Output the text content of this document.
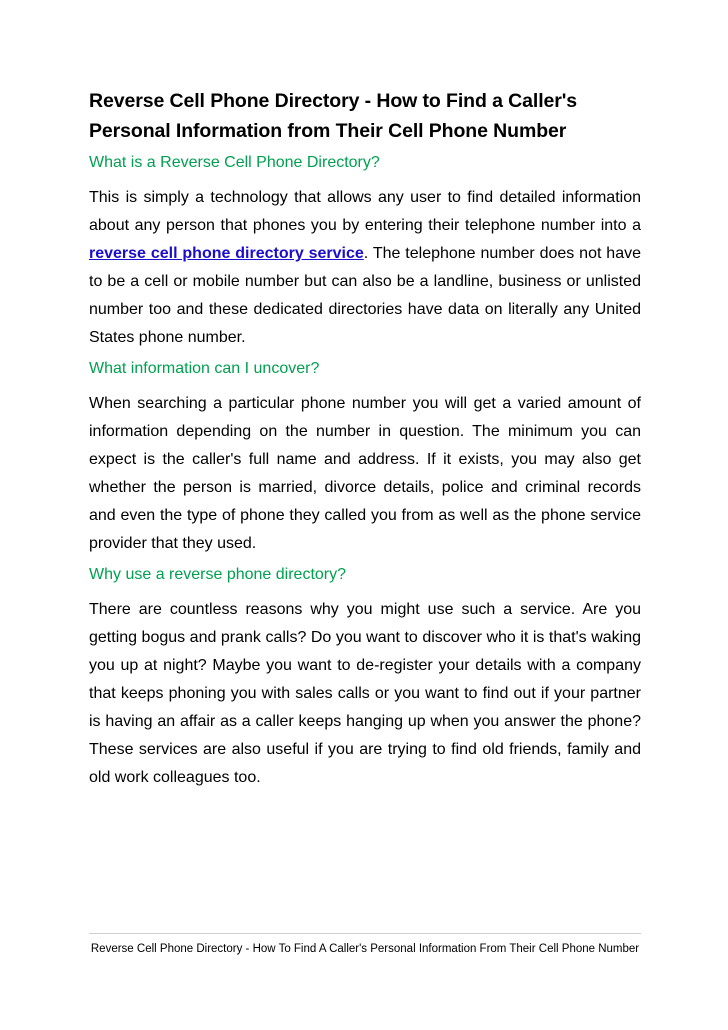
Reverse Cell Phone Directory - How to Find a Caller's Personal Information from Their Cell Phone Number
What is a Reverse Cell Phone Directory?

This is simply a technology that allows any user to find detailed information about any person that phones you by entering their telephone number into a reverse cell phone directory service. The telephone number does not have to be a cell or mobile number but can also be a landline, business or unlisted number too and these dedicated directories have data on literally any United States phone number.

What information can I uncover?

When searching a particular phone number you will get a varied amount of information depending on the number in question. The minimum you can expect is the caller's full name and address. If it exists, you may also get whether the person is married, divorce details, police and criminal records and even the type of phone they called you from as well as the phone service provider that they used.

Why use a reverse phone directory?

There are countless reasons why you might use such a service. Are you getting bogus and prank calls? Do you want to discover who it is that's waking you up at night? Maybe you want to de-register your details with a company that keeps phoning you with sales calls or you want to find out if your partner is having an affair as a caller keeps hanging up when you answer the phone? These services are also useful if you are trying to find old friends, family and old work colleagues too.

Reverse Cell Phone Directory - How To Find A Caller's Personal Information From Their Cell Phone Number
